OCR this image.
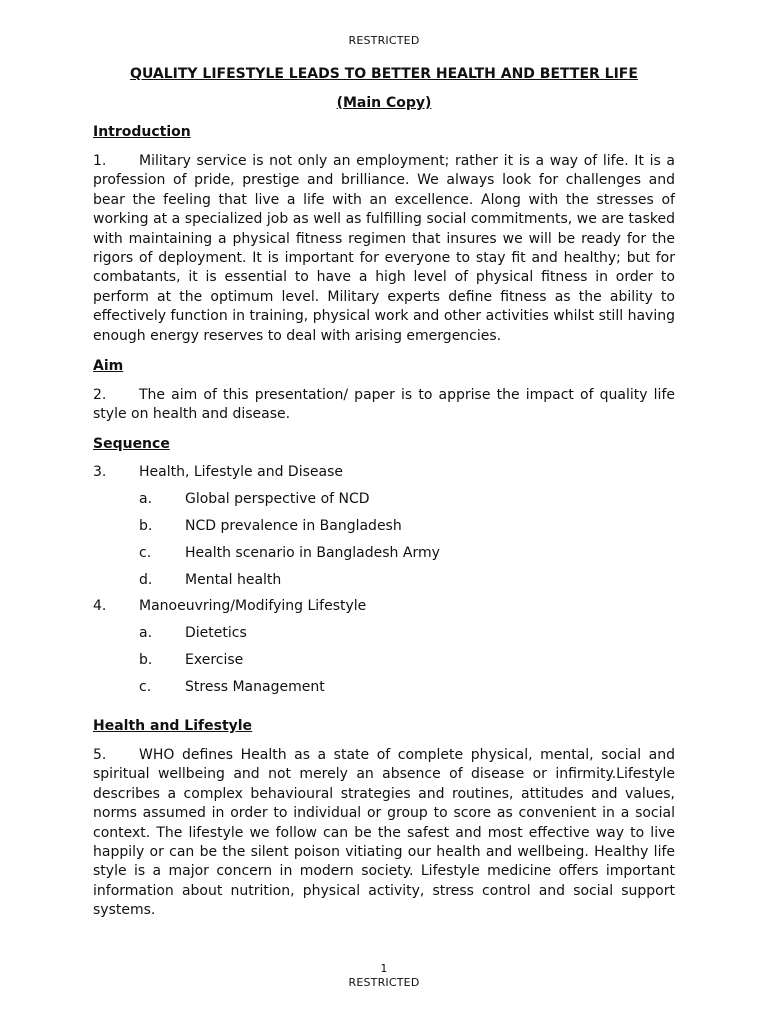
RESTRICTED
QUALITY LIFESTYLE LEADS TO BETTER HEALTH AND BETTER LIFE
(Main Copy)
Introduction

1. Military service is not only an employment; rather it is a way of life. It is a profession of pride, prestige and brilliance. We always look for challenges and bear the feeling that live a life with an excellence. Along with the stresses of working at a specialized job as well as fulfilling social commitments, we are tasked with maintaining a physical fitness regimen that insures we will be ready for the rigors of deployment. It is important for everyone to stay fit and healthy; but for combatants, it is essential to have a high level of physical fitness in order to perform at the optimum level. Military experts define fitness as the ability to effectively function in training, physical work and other activities whilst still having enough energy reserves to deal with arising emergencies.

Aim

2. The aim of this presentation/ paper is to apprise the impact of quality life style on health and disease.

Sequence
3. Health, Lifestyle and Disease
a. Global perspective of NCD
b. NCD prevalence in Bangladesh
c. Health scenario in Bangladesh Army
d. Mental health
4. Manoeuvring/Modifying Lifestyle
a. Dietetics
b. Exercise
c. Stress Management
Health and Lifestyle

5. WHO defines Health as a state of complete physical, mental, social and spiritual wellbeing and not merely an absence of disease or infirmity.Lifestyle describes a complex behavioural strategies and routines, attitudes and values, norms assumed in order to individual or group to score as convenient in a social context. The lifestyle we follow can be the safest and most effective way to live happily or can be the silent poison vitiating our health and wellbeing. Healthy life style is a major concern in modern society. Lifestyle medicine offers important information about nutrition, physical activity, stress control and social support systems.

1
RESTRICTED
